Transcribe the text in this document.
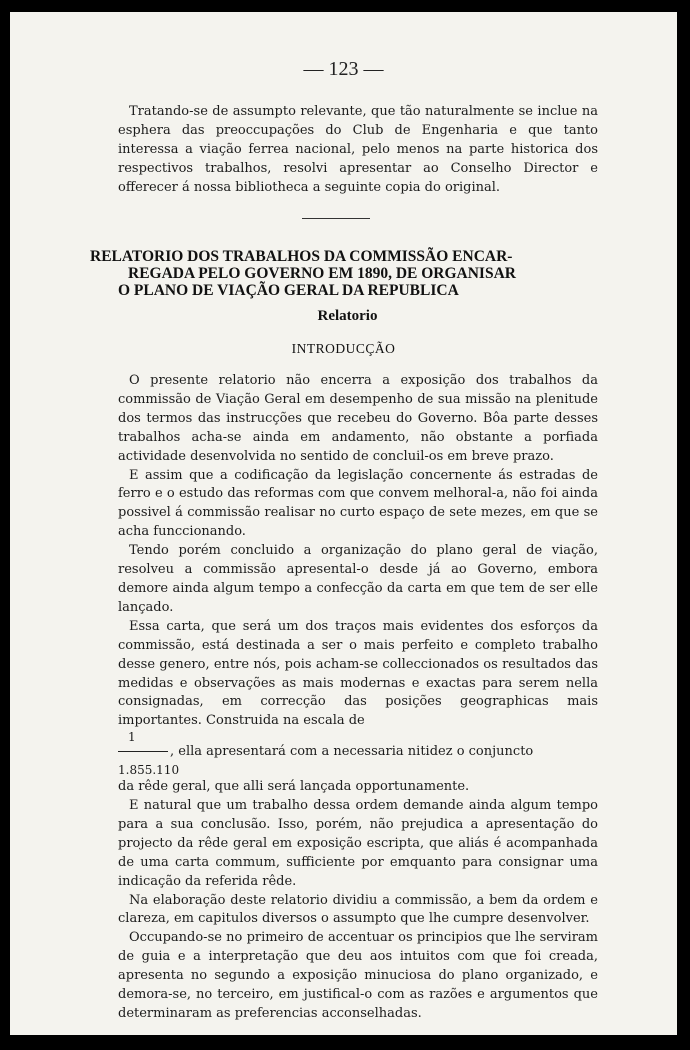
— 123 —

Tratando-se de assumpto relevante, que tão naturalmente se inclue na esphera das preoccupações do Club de Engenharia e que tanto interessa a viação ferrea nacional, pelo menos na parte historica dos respectivos trabalhos, resolvi apresentar ao Conselho Director e offerecer á nossa bibliotheca a seguinte copia do original.

RELATORIO DOS TRABALHOS DA COMMISSÃO ENCAR-
REGADA PELO GOVERNO EM 1890, DE ORGANISAR
O PLANO DE VIAÇÃO GERAL DA REPUBLICA
Relatorio
INTRODUCÇÃO

O presente relatorio não encerra a exposição dos trabalhos da commissão de Viação Geral em desempenho de sua missão na plenitude dos termos das instrucções que recebeu do Governo. Bôa parte desses trabalhos acha-se ainda em andamento, não obstante a porfiada actividade desenvolvida no sentido de concluil-os em breve prazo.

E assim que a codificação da legislação concernente ás estradas de ferro e o estudo das reformas com que convem melhoral-a, não foi ainda possivel á commissão realisar no curto espaço de sete mezes, em que se acha funccionando.

Tendo porém concluido a organização do plano geral de viação, resolveu a commissão apresental-o desde já ao Governo, embora demore ainda algum tempo a confecção da carta em que tem de ser elle lançado.

Essa carta, que será um dos traços mais evidentes dos esforços da commissão, está destinada a ser o mais perfeito e completo trabalho desse genero, entre nós, pois acham-se colleccionados os resultados das medidas e observações as mais modernas e exactas para serem nella consignadas, em correcção das posições geographicas mais importantes. Construida na escala de

1
, ella apresentará com a necessaria nitidez o conjuncto
1.855.110

da rêde geral, que alli será lançada opportunamente.

E natural que um trabalho dessa ordem demande ainda algum tempo para a sua conclusão. Isso, porém, não prejudica a apresentação do projecto da rêde geral em exposição escripta, que aliás é acompanhada de uma carta commum, sufficiente por emquanto para consignar uma indicação da referida rêde.

Na elaboração deste relatorio dividiu a commissão, a bem da ordem e clareza, em capitulos diversos o assumpto que lhe cumpre desenvolver.

Occupando-se no primeiro de accentuar os principios que lhe serviram de guia e a interpretação que deu aos intuitos com que foi creada, apresenta no segundo a exposição minuciosa do plano organizado, e demora-se, no terceiro, em justifical-o com as razões e argumentos que determinaram as preferencias acconselhadas.
